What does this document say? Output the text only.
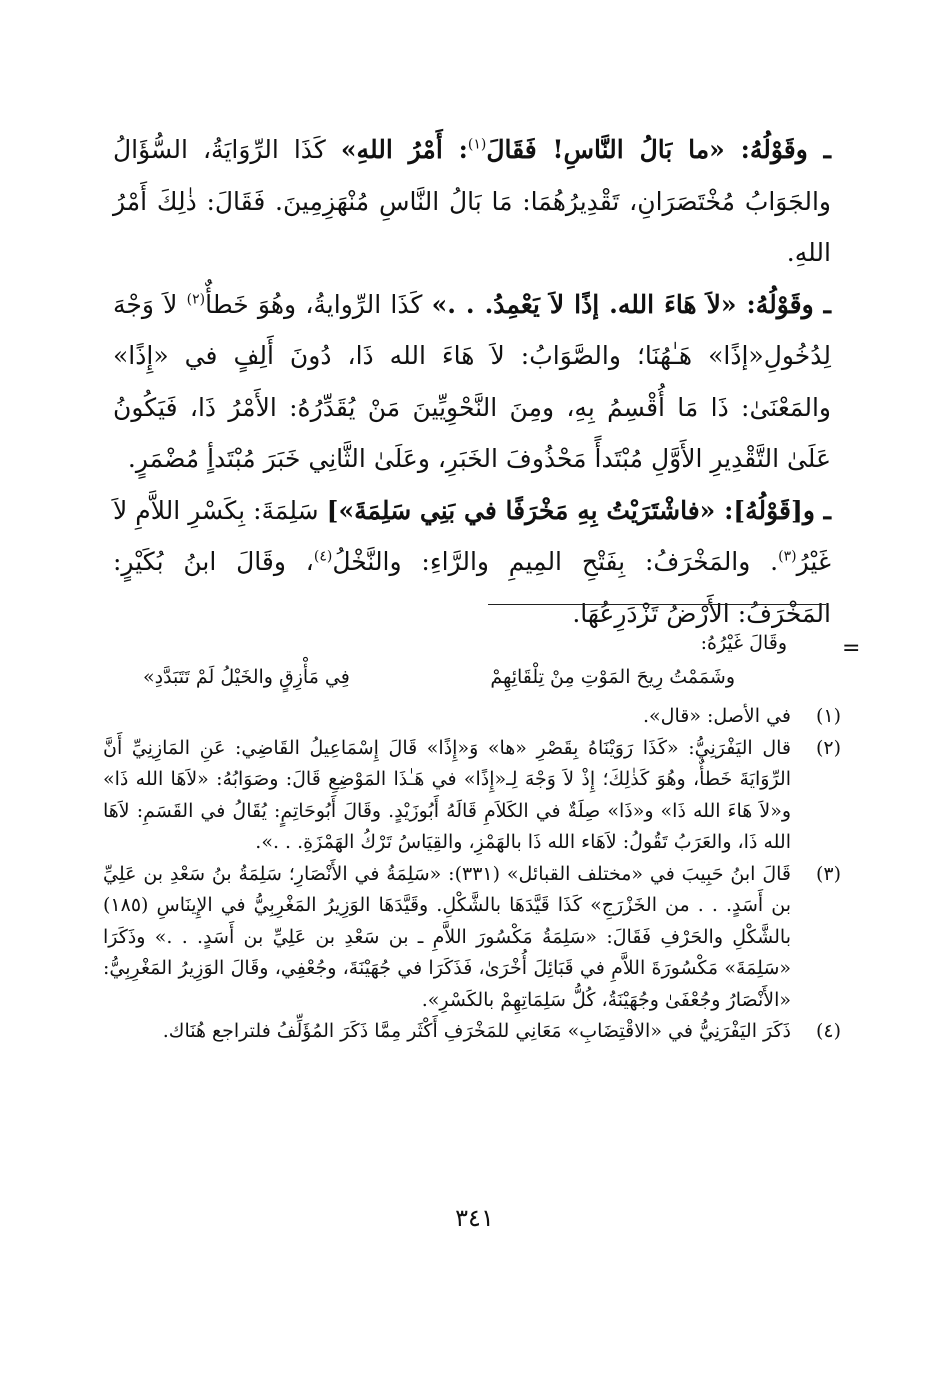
ـ وقَوْلُهُ: «ما بَالُ النَّاسِ! فَقَالَ$^{(١)}$: أَمْرُ اللهِ» كَذَا الرِّوَايَةُ، السُّؤَالُ والجَوَابُ مُخْتَصَرَانِ، تَقْدِيرُهُمَا: مَا بَالُ النَّاسِ مُنْهَزِمِينَ. فَقَالَ: ذٰلِكَ أَمْرُ اللهِ.

ـ وقَوْلُهُ: «لاَ هَاءَ الله. إذًا لاَ يَعْمِدُ. . .» كَذَا الرِّوايةُ، وهُوَ خَطأٌ$^{(٢)}$ لاَ وَجْهَ لِدُخُولِ«إذًا» هَـٰهُنَا؛ والصَّوَابُ: لاَ هَاءَ الله ذَا، دُونَ أَلِفٍ في «إِذًا» والمَعْنَىٰ: ذَا مَا أُقْسِمُ بِهِ، ومِنَ النَّحْوِيِّينَ مَنْ يُقَدِّرُهُ: الأَمْرُ ذَا، فَيَكُونُ عَلَىٰ التَّقْدِيرِ الأَوَّلِ مُبْتَدأً مَحْذُوفَ الخَبَرِ، وعَلَىٰ الثَّانِي خَبَرَ مُبْتَدأٍ مُضْمَرٍ.

ـ و[قَوْلُهُ]: «فاشْتَرَيْتُ بِهِ مَخْرَفًا في بَنِي سَلِمَةَ»] سَلِمَةَ: بِكَسْرِ اللاَّمِ لاَ غَيْرُ$^{(٣)}$. والمَخْرَفُ: بِفَتْحِ المِيمِ والرَّاءِ: والنَّخْلُ$^{(٤)}$، وقَالَ ابنُ بُكَيْرٍ: المَخْرَفُ: الأَرْضُ تَزْدَرِعُهَا.

=

وقَالَ غَيْرُهُ:

وشَمَمْتُ رِيحَ المَوْتِ مِنْ تِلْقَائِهِمْ
فِي مَأْزِقٍ والخَيْلُ لَمْ تَتَبَدَّدِ»
(١)
في الأصل: «قال».
(٢)
قال اليَفْرَنِيُّ: «كَذَا رَوَيْنَاهُ بِقَصْرِ «ها» وَ«إِذًا» قَالَ إِسْمَاعِيلُ القَاضِي: عَنِ المَازِنِيِّ أَنَّ الرِّوَايَةَ خَطأٌ، وهُوَ كَذٰلِكَ؛ إِذْ لاَ وَجْهَ لِـ«إِذًا» في هَـٰذَا المَوْضِعِ قَالَ: وصَوَابُهُ: «لاَهَا الله ذَا» و«لاَ هَاءَ الله ذَا» و«ذَا» صِلَةٌ في الكَلاَمِ قَالَهُ أَبُوزَيْدٍ. وقَالَ أَبُوحَاتِمٍ: يُقَالُ في القَسَمِ: لاَهَا الله ذَا، والعَرَبُ تَقُولُ: لاَهَاء الله ذَا بالهَمْزِ، والقِيَاسُ تَرْكُ الهَمْزَةِ. . .».
(٣)
قَالَ ابنُ حَبِيبَ في «مختلف القبائل» (٣٣١): «سَلِمَةُ في الأَنْصَارِ؛ سَلِمَةُ بنُ سَعْدِ بن عَلِيِّ بن أَسَدٍ. . . من الخَزْرَجِ» كَذَا قَيَّدَهَا بالشَّكْلِ. وقَيَّدَهَا الوَزِيرُ المَغْرِبِيُّ في الإِينَاسِ (١٨٥) بالشَّكْلِ والحَرْفِ فَقَالَ: «سَلِمَةُ مَكْسُورَ اللاَّمِ ـ بن سَعْدِ بن عَلِيِّ بن أَسَدٍ. . .» وذَكَرَا «سَلِمَةَ» مَكْسُورَةَ اللاَّمِ في قَبَائِلَ أُخْرَىٰ، فَذَكَرَا في جُهَيْنَةَ، وجُعْفِي، وقَالَ الوَزِيرُ المَغْرِبِيُّ: «الأَنْصَارُ وجُعْفَىٰ وجُهَيْنَةُ، كُلُّ سَلِمَاتِهِمْ بالكَسْرِ».
(٤)
ذَكَرَ اليَفْرَنِيُّ في «الاقْتِضَابِ» مَعَانِي للمَخْرَفِ أَكْثَر مِمَّا ذَكَرَ المُؤَلِّفُ فلتراجع هُنَاك.
٣٤١
